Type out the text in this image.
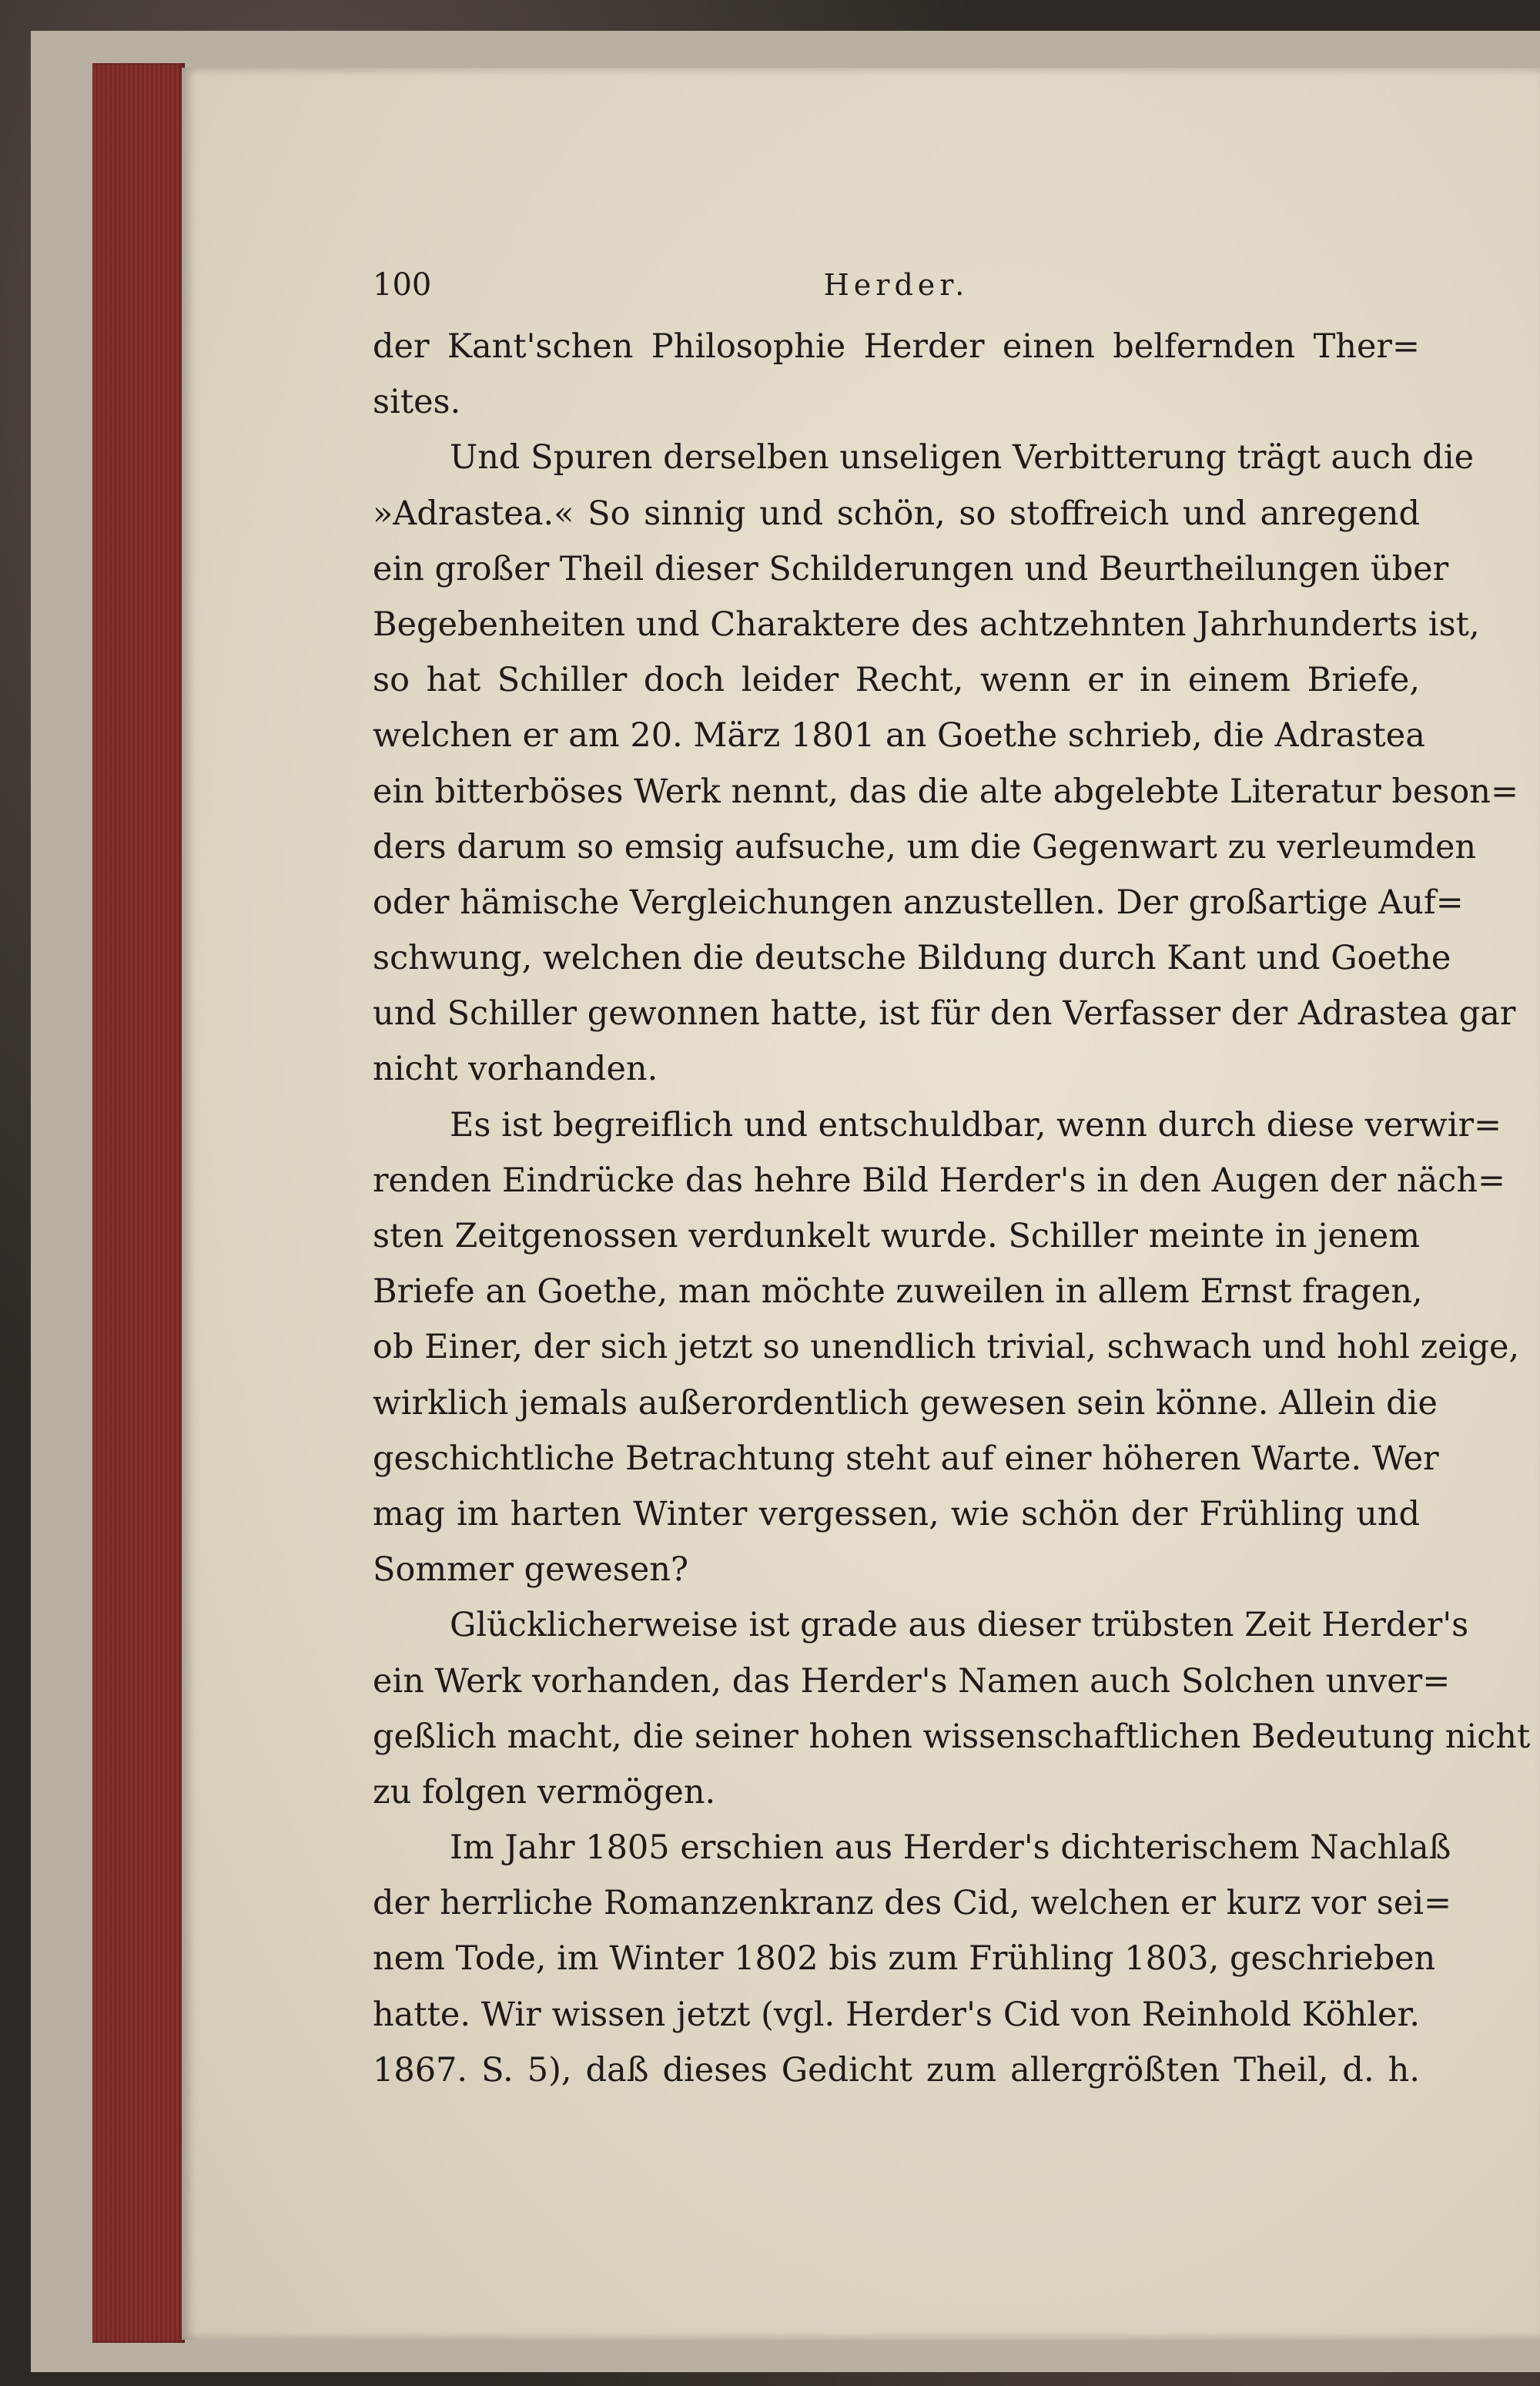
100	Herder.
der Kant'schen Philosophie Herder einen belfernden Ther=
sites.
Und Spuren derselben unseligen Verbitterung trägt auch die
»Adrastea.« So sinnig und schön, so stoffreich und anregend
ein großer Theil dieser Schilderungen und Beurtheilungen über
Begebenheiten und Charaktere des achtzehnten Jahrhunderts ist,
so hat Schiller doch leider Recht, wenn er in einem Briefe,
welchen er am 20. März 1801 an Goethe schrieb, die Adrastea
ein bitterböses Werk nennt, das die alte abgelebte Literatur beson=
ders darum so emsig aufsuche, um die Gegenwart zu verleumden
oder hämische Vergleichungen anzustellen. Der großartige Auf=
schwung, welchen die deutsche Bildung durch Kant und Goethe
und Schiller gewonnen hatte, ist für den Verfasser der Adrastea gar
nicht vorhanden.
Es ist begreiflich und entschuldbar, wenn durch diese verwir=
renden Eindrücke das hehre Bild Herder's in den Augen der näch=
sten Zeitgenossen verdunkelt wurde. Schiller meinte in jenem
Briefe an Goethe, man möchte zuweilen in allem Ernst fragen,
ob Einer, der sich jetzt so unendlich trivial, schwach und hohl zeige,
wirklich jemals außerordentlich gewesen sein könne. Allein die
geschichtliche Betrachtung steht auf einer höheren Warte. Wer
mag im harten Winter vergessen, wie schön der Frühling und
Sommer gewesen?
Glücklicherweise ist grade aus dieser trübsten Zeit Herder's
ein Werk vorhanden, das Herder's Namen auch Solchen unver=
geßlich macht, die seiner hohen wissenschaftlichen Bedeutung nicht
zu folgen vermögen.
Im Jahr 1805 erschien aus Herder's dichterischem Nachlaß
der herrliche Romanzenkranz des Cid, welchen er kurz vor sei=
nem Tode, im Winter 1802 bis zum Frühling 1803, geschrieben
hatte. Wir wissen jetzt (vgl. Herder's Cid von Reinhold Köhler.
1867. S. 5), daß dieses Gedicht zum allergrößten Theil, d. h.
